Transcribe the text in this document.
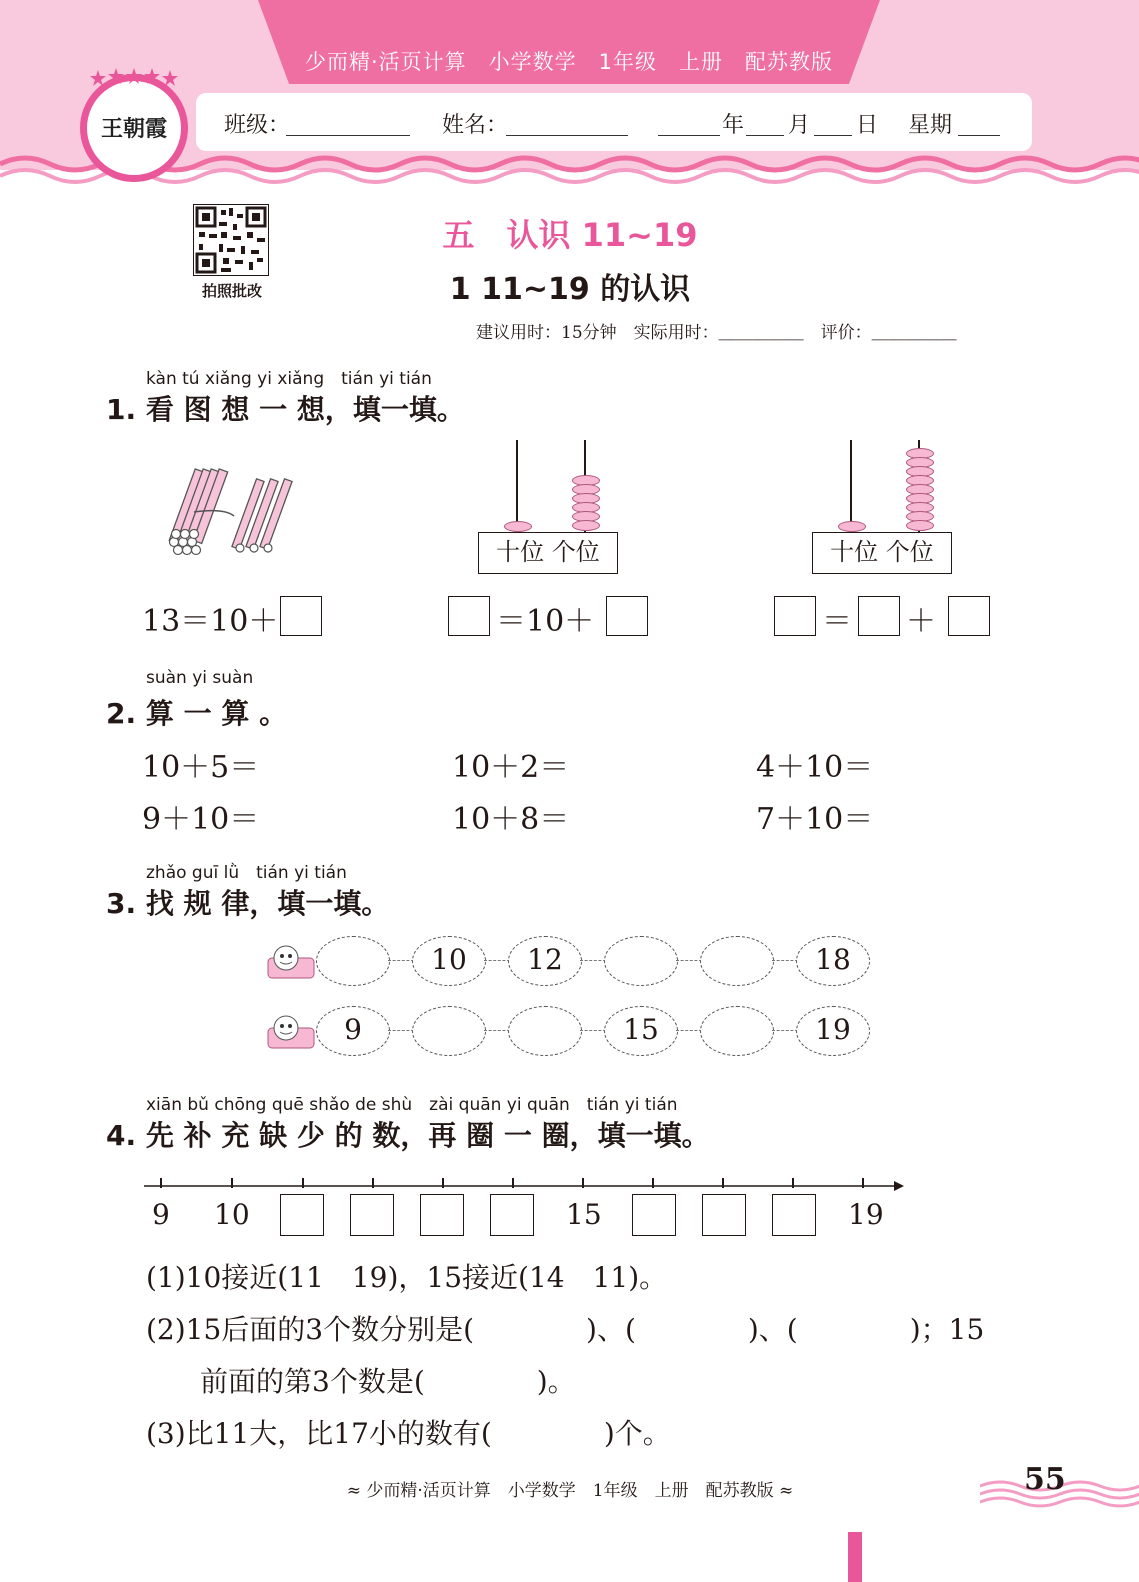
少而精·活页计算　小学数学　1年级　上册　配苏教版
班级：	姓名：	年 月 日 星期
王朝霞
拍照批改
五　认识 11~19
1 11~19 的认识
建议用时：15分钟　实际用时：＿＿＿＿＿　评价：＿＿＿＿＿
kàn tú xiǎng yi xiǎng　tián yi tián
1. 看 图 想 一 想，填一填。
十位 个位	十位 个位
13＝10＋	＝10＋	＝ ＋
suàn yi suàn
2. 算 一 算 。
10＋5＝	10＋2＝	4＋10＝
9＋10＝	10＋8＝	7＋10＝
zhǎo guī lǜ　tián yi tián
3. 找 规 律，填一填。
10	12	18
9	15	19
xiān bǔ chōng quē shǎo de shù　zài quān yi quān　tián yi tián
4. 先 补 充 缺 少 的 数，再 圈 一 圈，填一填。
9 10	15	19
(1)10接近(11　19)，15接近(14　11)。
(2)15后面的3个数分别是(　　　　)、(　　　　)、(　　　　)；15
前面的第3个数是(　　　　)。
(3)比11大，比17小的数有(　　　　)个。
≈ 少而精·活页计算　小学数学　1年级　上册　配苏教版 ≈	55
